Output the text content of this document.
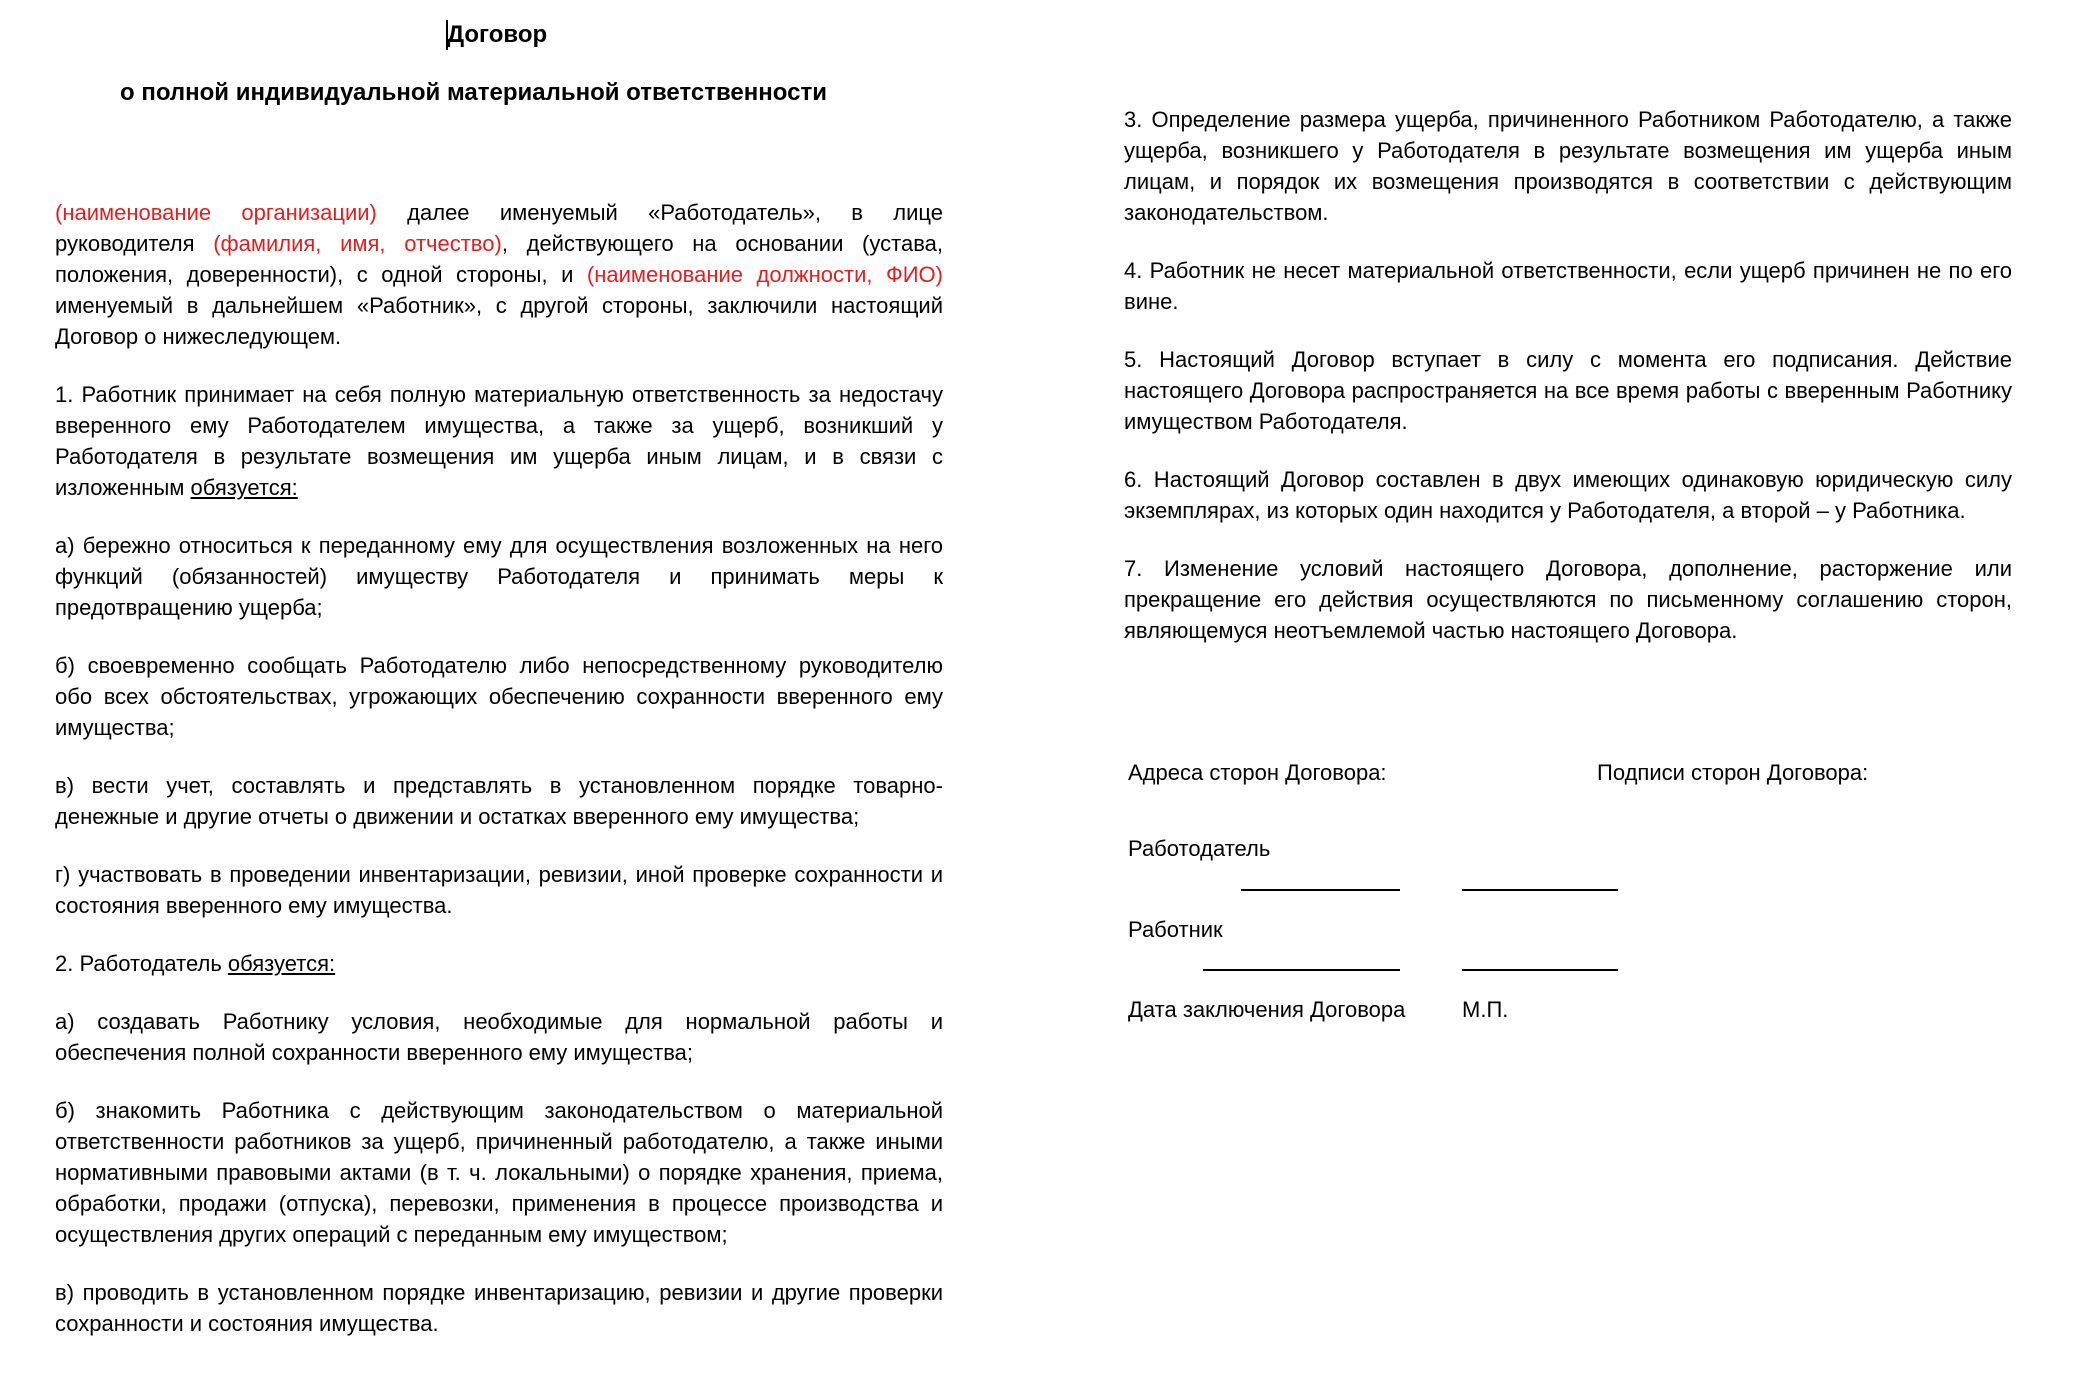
Договор
о полной индивидуальной материальной ответственности

(наименование организации) далее именуемый «Работодатель», в лице руководителя (фамилия, имя, отчество), действующего на основании (устава, положения, доверенности), с одной стороны, и (наименование должности, ФИО) именуемый в дальнейшем «Работник», с другой стороны, заключили настоящий Договор о нижеследующем.

1. Работник принимает на себя полную материальную ответственность за недостачу вверенного ему Работодателем имущества, а также за ущерб, возникший у Работодателя в результате возмещения им ущерба иным лицам, и в связи с изложенным обязуется:

а) бережно относиться к переданному ему для осуществления возложенных на него функций (обязанностей) имуществу Работодателя и принимать меры к предотвращению ущерба;

б) своевременно сообщать Работодателю либо непосредственному руководителю обо всех обстоятельствах, угрожающих обеспечению сохранности вверенного ему имущества;

в) вести учет, составлять и представлять в установленном порядке товарно-денежные и другие отчеты о движении и остатках вверенного ему имущества;

г) участвовать в проведении инвентаризации, ревизии, иной проверке сохранности и состояния вверенного ему имущества.

2. Работодатель обязуется:

а) создавать Работнику условия, необходимые для нормальной работы и обеспечения полной сохранности вверенного ему имущества;

б) знакомить Работника с действующим законодательством о материальной ответственности работников за ущерб, причиненный работодателю, а также иными нормативными правовыми актами (в т. ч. локальными) о порядке хранения, приема, обработки, продажи (отпуска), перевозки, применения в процессе производства и осуществления других операций с переданным ему имуществом;

в) проводить в установленном порядке инвентаризацию, ревизии и другие проверки сохранности и состояния имущества.

3. Определение размера ущерба, причиненного Работником Работодателю, а также ущерба, возникшего у Работодателя в результате возмещения им ущерба иным лицам, и порядок их возмещения производятся в соответствии с действующим законодательством.

4. Работник не несет материальной ответственности, если ущерб причинен не по его вине.

5. Настоящий Договор вступает в силу с момента его подписания. Действие настоящего Договора распространяется на все время работы с вверенным Работнику имуществом Работодателя.

6. Настоящий Договор составлен в двух имеющих одинаковую юридическую силу экземплярах, из которых один находится у Работодателя, а второй – у Работника.

7. Изменение условий настоящего Договора, дополнение, расторжение или прекращение его действия осуществляются по письменному соглашению сторон, являющемуся неотъемлемой частью настоящего Договора.

Адреса сторон Договора:	Подписи сторон Договора:
Работодатель
Работник
Дата заключения Договора	М.П.
